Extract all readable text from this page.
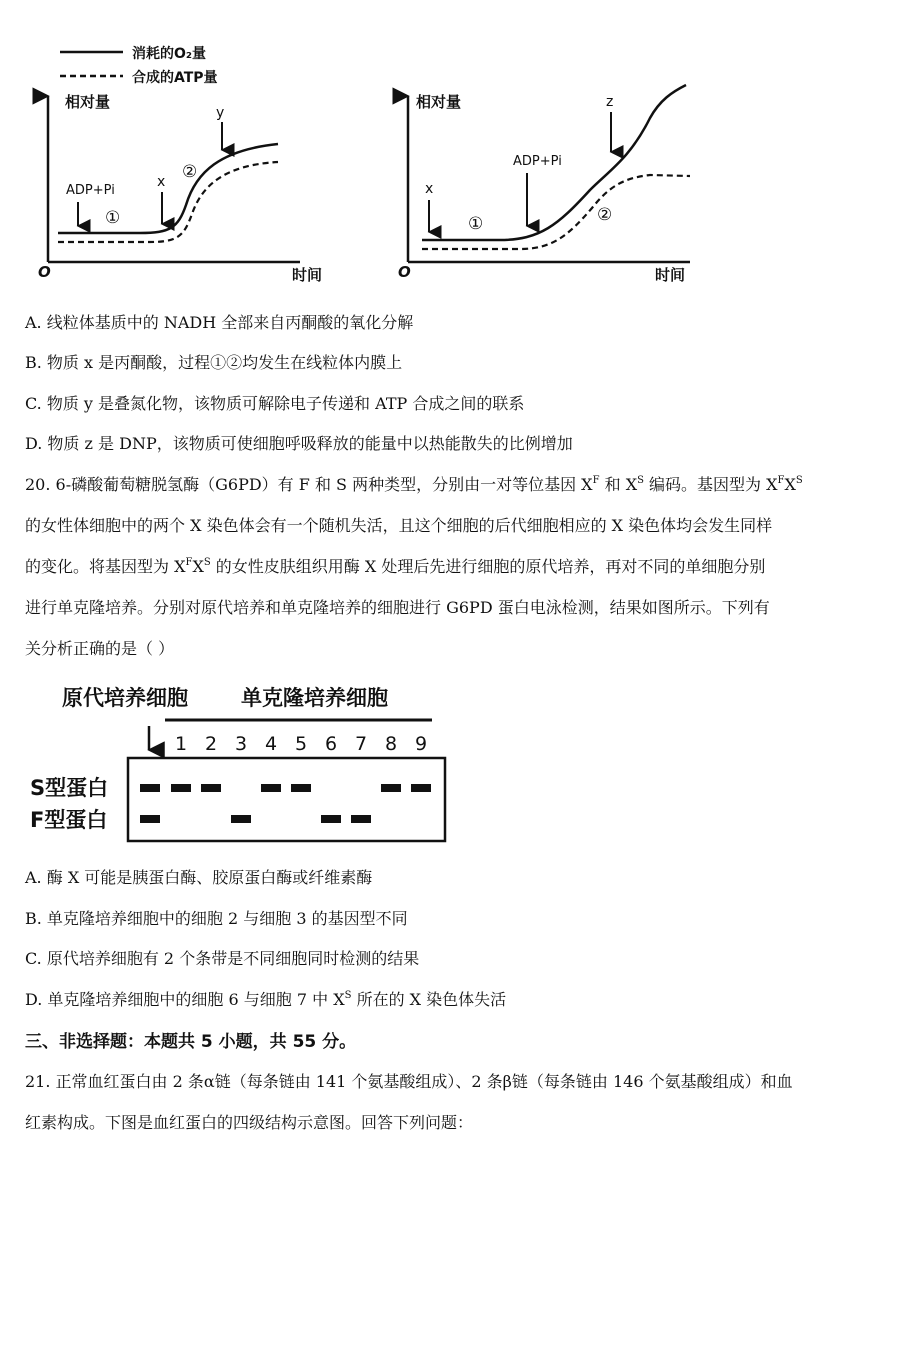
消耗的O₂量
合成的ATP量
相对量
时间
O
ADP+Pi
x
y
①
②
相对量
时间
O
x
ADP+Pi
z
①	②
A. 线粒体基质中的 NADH 全部来自丙酮酸的氧化分解
B. 物质 x 是丙酮酸，过程①②均发生在线粒体内膜上
C. 物质 y 是叠氮化物，该物质可解除电子传递和 ATP 合成之间的联系
D. 物质 z 是 DNP，该物质可使细胞呼吸释放的能量中以热能散失的比例增加
20. 6-磷酸葡萄糖脱氢酶（G6PD）有 F 和 S 两种类型，分别由一对等位基因 $X^F$ 和 $X^S$ 编码。基因型为 $X^FX^S$
的女性体细胞中的两个 X 染色体会有一个随机失活，且这个细胞的后代细胞相应的 X 染色体均会发生同样
的变化。将基因型为 $X^FX^S$ 的女性皮肤组织用酶 X 处理后先进行细胞的原代培养，再对不同的单细胞分别
进行单克隆培养。分别对原代培养和单克隆培养的细胞进行 G6PD 蛋白电泳检测，结果如图所示。下列有
关分析正确的是（ ）
原代培养细胞	单克隆培养细胞
1 2 3 4 5 6 7 8 9
S型蛋白
F型蛋白
A. 酶 X 可能是胰蛋白酶、胶原蛋白酶或纤维素酶
B. 单克隆培养细胞中的细胞 2 与细胞 3 的基因型不同
C. 原代培养细胞有 2 个条带是不同细胞同时检测的结果
D. 单克隆培养细胞中的细胞 6 与细胞 7 中 $X^S$ 所在的 X 染色体失活
三、非选择题：本题共 5 小题，共 55 分。
21. 正常血红蛋白由 2 条α链（每条链由 141 个氨基酸组成）、2 条β链（每条链由 146 个氨基酸组成）和血
红素构成。下图是血红蛋白的四级结构示意图。回答下列问题：
